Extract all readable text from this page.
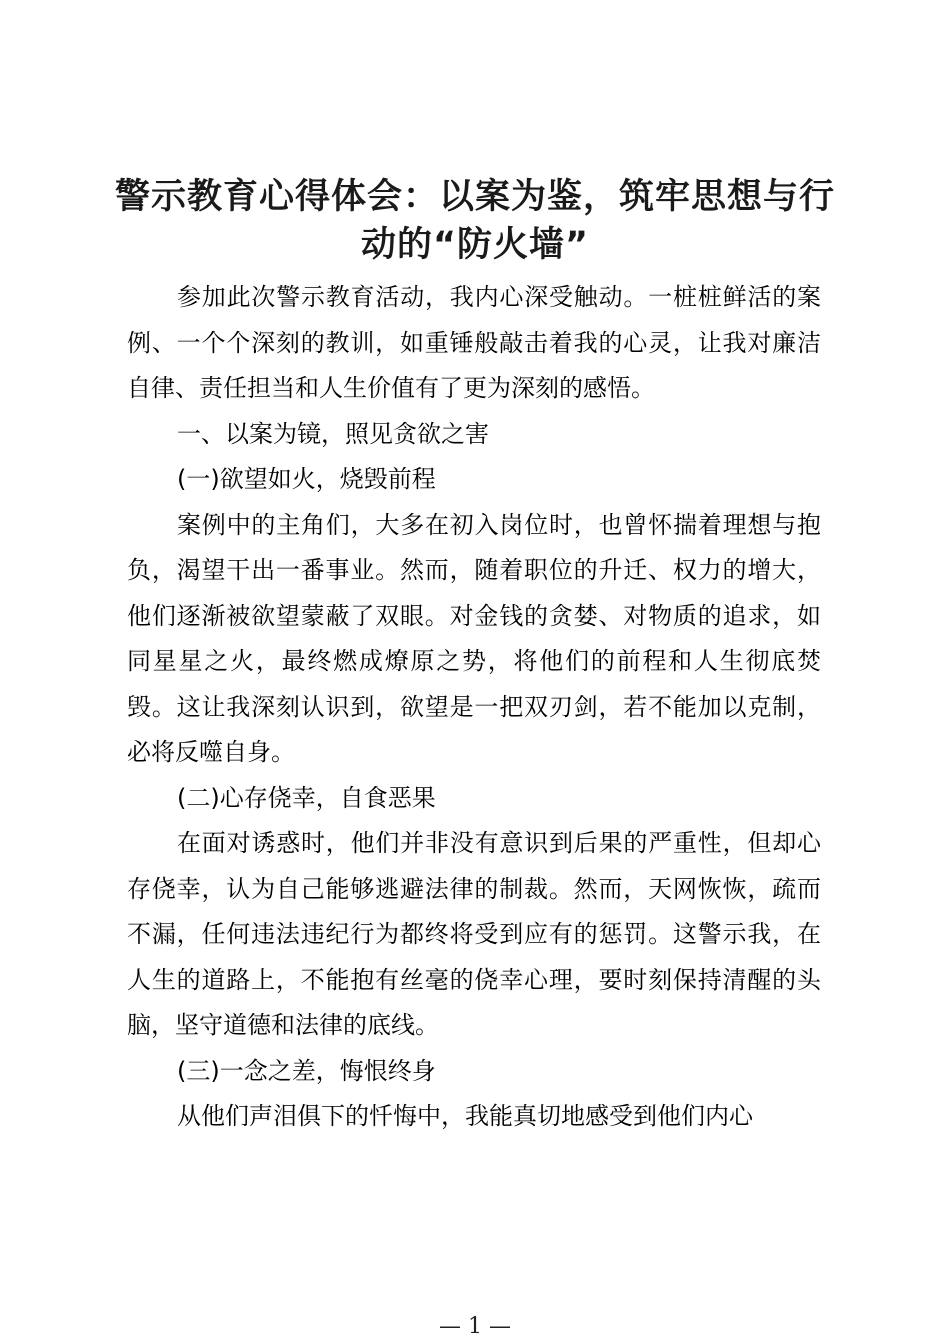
警示教育心得体会：以案为鉴，筑牢思想与行
动的“防火墙”

参加此次警示教育活动，我内心深受触动。一桩桩鲜活的案例、一个个深刻的教训，如重锤般敲击着我的心灵，让我对廉洁自律、责任担当和人生价值有了更为深刻的感悟。

一、以案为镜，照见贪欲之害

(一)欲望如火，烧毁前程

案例中的主角们，大多在初入岗位时，也曾怀揣着理想与抱负，渴望干出一番事业。然而，随着职位的升迁、权力的增大，他们逐渐被欲望蒙蔽了双眼。对金钱的贪婪、对物质的追求，如同星星之火，最终燃成燎原之势，将他们的前程和人生彻底焚毁。这让我深刻认识到，欲望是一把双刃剑，若不能加以克制，必将反噬自身。

(二)心存侥幸，自食恶果

在面对诱惑时，他们并非没有意识到后果的严重性，但却心存侥幸，认为自己能够逃避法律的制裁。然而，天网恢恢，疏而不漏，任何违法违纪行为都终将受到应有的惩罚。这警示我，在人生的道路上，不能抱有丝毫的侥幸心理，要时刻保持清醒的头脑，坚守道德和法律的底线。

(三)一念之差，悔恨终身

从他们声泪俱下的忏悔中，我能真切地感受到他们内心

— 1 —
